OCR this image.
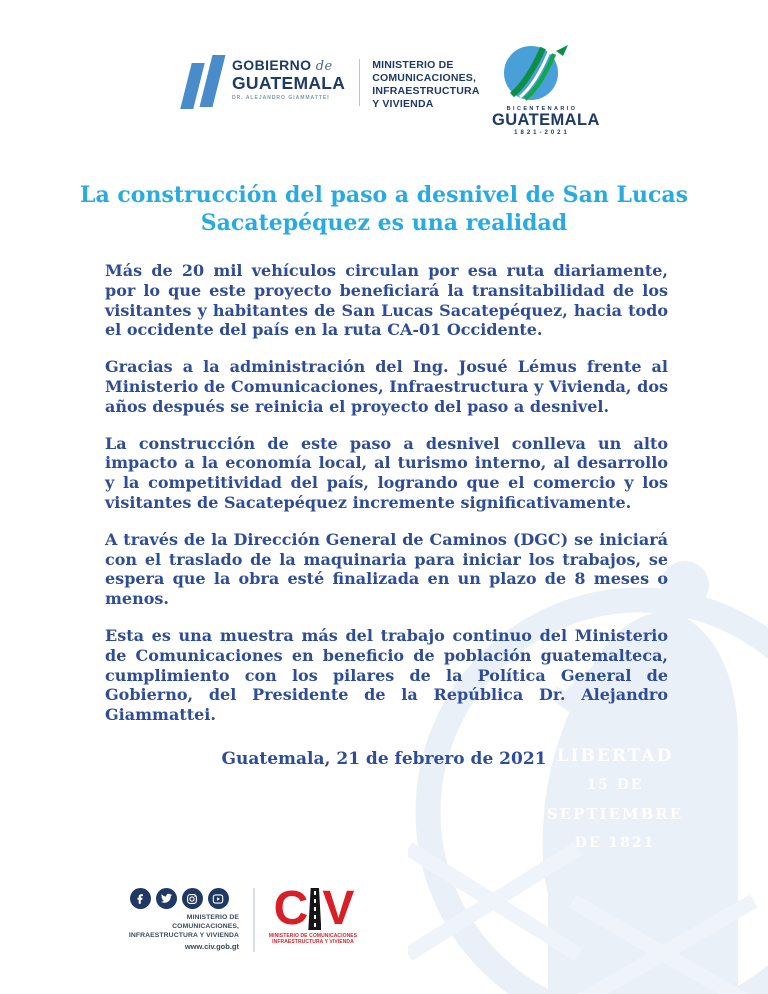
LIBERTAD
15 DE
SEPTIEMBRE
DE 1821
GOBIERNO de
GUATEMALA
DR. ALEJANDRO GIAMMATTEI
MINISTERIO DE
COMUNICACIONES,
INFRAESTRUCTURA
Y VIVIENDA	BICENTENARIO
GUATEMALA
1821-2021
La construcción del paso a desnivel de San Lucas
Sacatepéquez es una realidad

Más de 20 mil vehículos circulan por esa ruta diariamente, por lo que este proyecto beneficiará la transitabilidad de los visitantes y habitantes de San Lucas Sacatepéquez, hacia todo el occidente del país en la ruta CA-01 Occidente.

Gracias a la administración del Ing. Josué Lémus frente al Ministerio de Comunicaciones, Infraestructura y Vivienda, dos años después se reinicia el proyecto del paso a desnivel.

La construcción de este paso a desnivel conlleva un alto impacto a la economía local, al turismo interno, al desarrollo y la competitividad del país, logrando que el comercio y los visitantes de Sacatepéquez incremente significativamente.

A través de la Dirección General de Caminos (DGC) se iniciará con el traslado de la maquinaria para iniciar los trabajos, se espera que la obra esté finalizada en un plazo de 8 meses o menos.

Esta es una muestra más del trabajo continuo del Ministerio de Comunicaciones en beneficio de población guatemalteca, cumplimiento con los pilares de la Política General de Gobierno, del Presidente de la República Dr. Alejandro Giammattei.

Guatemala, 21 de febrero de 2021
MINISTERIO DE COMUNICACIONES,
INFRAESTRUCTURA Y VIVIENDA
www.civ.gob.gt
C V
MINISTERIO DE COMUNICACIONES
INFRAESTRUCTURA Y VIVIENDA
